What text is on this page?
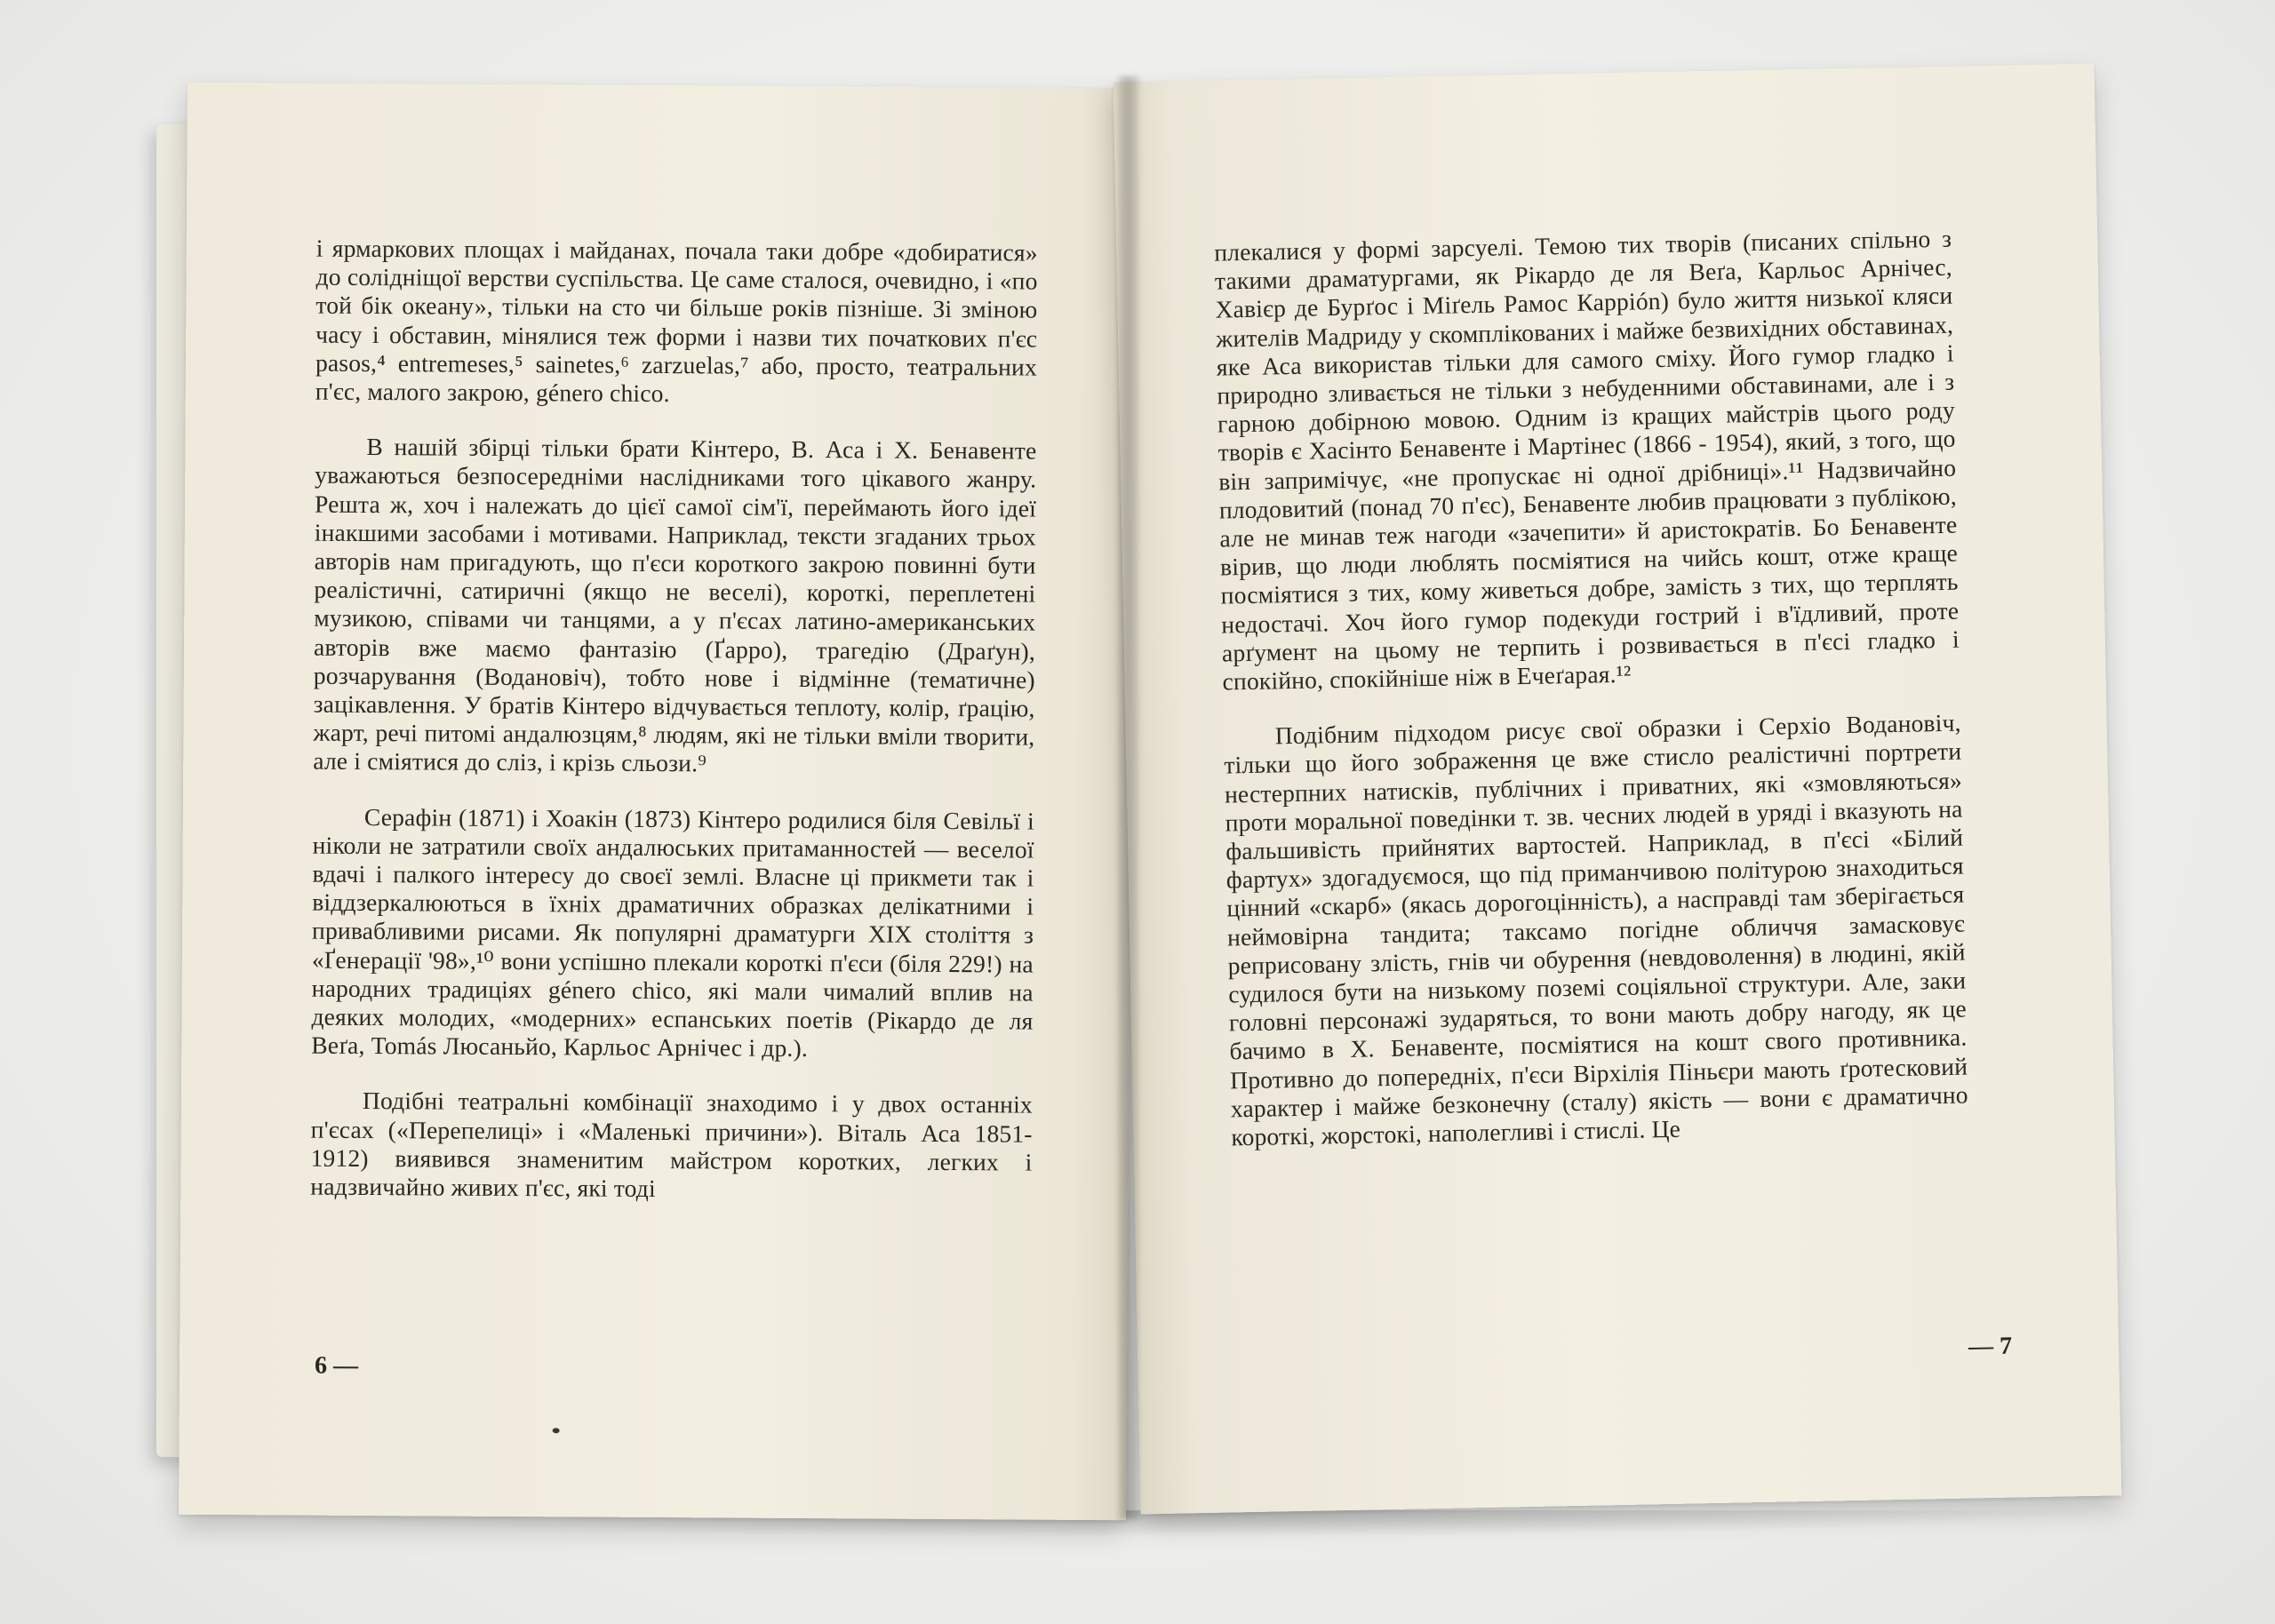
і ярмаркових площах і майданах, почала таки добре «добиратися» до солідніщої верстви суспільства. Це саме сталося, очевидно, і «по той бік океану», тільки на сто чи більше років пізніше. Зі зміною часу і обставин, мінялися теж форми і назви тих початкових п'єс pasos,⁴ entremeses,⁵ sainetes,⁶ zarzuelas,⁷ або, просто, театральних п'єс, малого закрою, género chico.

В нашій збірці тільки брати Кінтеро, В. Аса і Х. Бенавенте уважаються безпосередніми наслідниками того цікавого жанру. Решта ж, хоч і належать до цієї самої сім'ї, переймають його ідеї інакшими засобами і мотивами. Наприклад, тексти згаданих трьох авторів нам пригадують, що п'єси короткого закрою повинні бути реалістичні, сатиричні (якщо не веселі), короткі, переплетені музикою, співами чи танцями, а у п'єсах латино-американських авторів вже маємо фантазію (Ґарро), трагедію (Драґун), розчарування (Водановіч), тобто нове і відмінне (тематичне) зацікавлення. У братів Кінтеро відчувається теплоту, колір, ґрацію, жарт, речі питомі андалюзцям,⁸ людям, які не тільки вміли творити, але і сміятися до сліз, і крізь сльози.⁹

Серафін (1871) і Хоакін (1873) Кінтеро родилися біля Севільї і ніколи не затратили своїх андалюських притаманностей — веселої вдачі і палкого інтересу до своєї землі. Власне ці прикмети так і віддзеркалюються в їхніх драматичних образках делікатними і привабливими рисами. Як популярні драматурги XIX століття з «Ґенерації '98»,¹⁰ вони успішно плекали короткі п'єси (біля 229!) на народних традиціях género chico, які мали чималий вплив на деяких молодих, «модерних» еспанських поетів (Рікардо де ля Веґа, Tomás Люсаньйо, Карльос Арнічес і др.).

Подібні театральні комбінації знаходимо і у двох останніх п'єсах («Перепелиці» і «Маленькі причини»). Віталь Аса 1851-1912) виявився знаменитим майстром коротких, легких і надзвичайно живих п'єс, які тоді

6 —

плекалися у формі зарсуелі. Темою тих творів (писаних спільно з такими драматургами, як Рікардо де ля Веґа, Карльос Арнічес, Хавієр де Бурґос і Міґель Рамос Карріón) було життя низької кляси жителів Мадриду у скомплікованих і майже безвихідних обставинах, яке Аса використав тільки для самого сміху. Його гумор гладко і природно зливається не тільки з небуденними обставинами, але і з гарною добірною мовою. Одним із кращих майстрів цього роду творів є Хасінто Бенавенте і Мартінес (1866 - 1954), який, з того, що він запримічує, «не пропускає ні одної дрібниці».¹¹ Надзвичайно плодовитий (понад 70 п'єс), Бенавенте любив працювати з публікою, але не минав теж нагоди «зачепити» й аристократів. Бо Бенавенте вірив, що люди люблять посміятися на чийсь кошт, отже краще посміятися з тих, кому живеться добре, замість з тих, що терплять недостачі. Хоч його гумор подекуди гострий і в'їдливий, проте арґумент на цьому не терпить і розвивається в п'єсі гладко і спокійно, спокійніше ніж в Ечеґарая.¹²

Подібним підходом рисує свої образки і Серхіо Водановіч, тільки що його зображення це вже стисло реалістичні портрети нестерпних натисків, публічних і приватних, які «змовляються» проти моральної поведінки т. зв. чесних людей в уряді і вказують на фальшивість прийнятих вартостей. Наприклад, в п'єсі «Білий фартух» здогадуємося, що під приманчивою політурою знаходиться цінний «скарб» (якась дорогоцінність), а насправді там зберігається неймовірна тандита; таксамо погідне обличчя замасковує реприсовану злість, гнів чи обурення (невдоволення) в людині, якій судилося бути на низькому поземі соціяльної структури. Але, заки головні персонажі зударяться, то вони мають добру нагоду, як це бачимо в Х. Бенавенте, посміятися на кошт свого противника. Противно до попередніх, п'єси Вірхілія Піньєри мають ґротесковий характер і майже безконечну (сталу) якість — вони є драматично короткі, жорстокі, наполегливі і стислі. Це

— 7
